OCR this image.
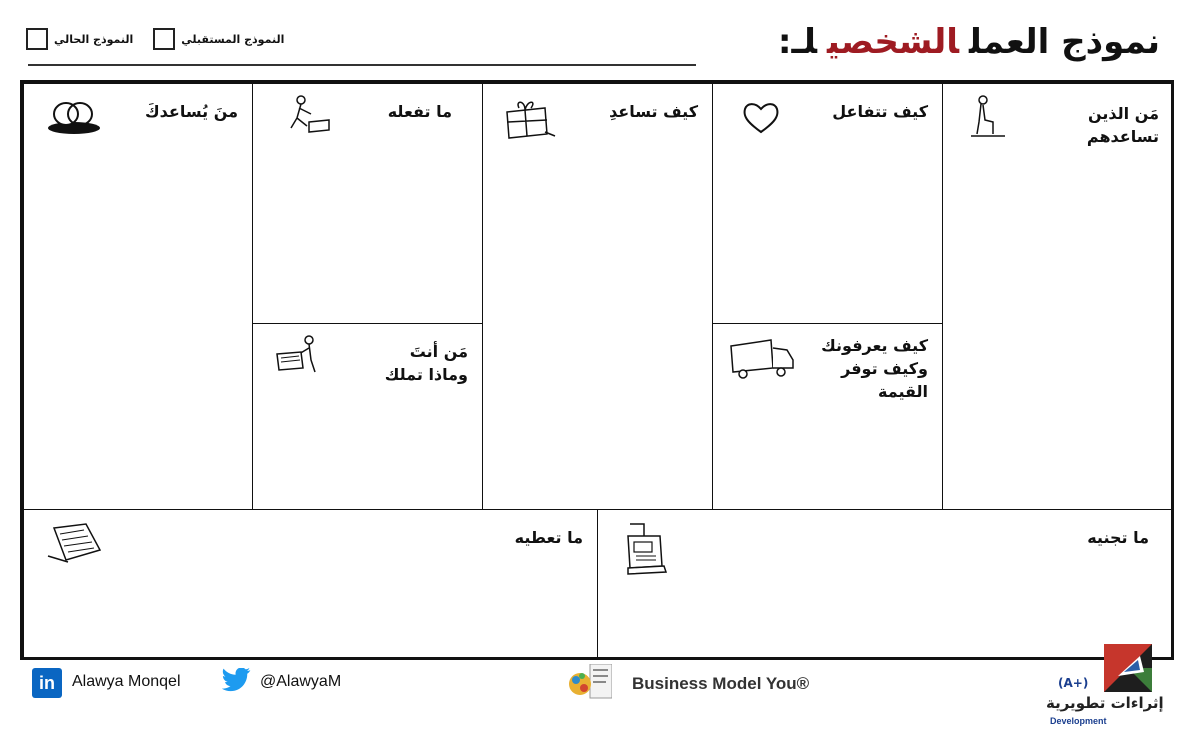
نموذج العملالشخصيلـ:
النموذج الحالي	النموذج المستقبلي
مَن الذين
تساعدهم
كيف تتفاعل
كيف يعرفونك
وكيف توفر
القيمة
كيف تساعدِ
ما تفعله
مَن أنتَ
وماذا تملك
منَ يُساعدكَ
ما تعطيه	ما تجنيه
in	Alawya Monqel	@AlawyaM	Business Model You®	(A+)
إثراءات تطويرية
Development
